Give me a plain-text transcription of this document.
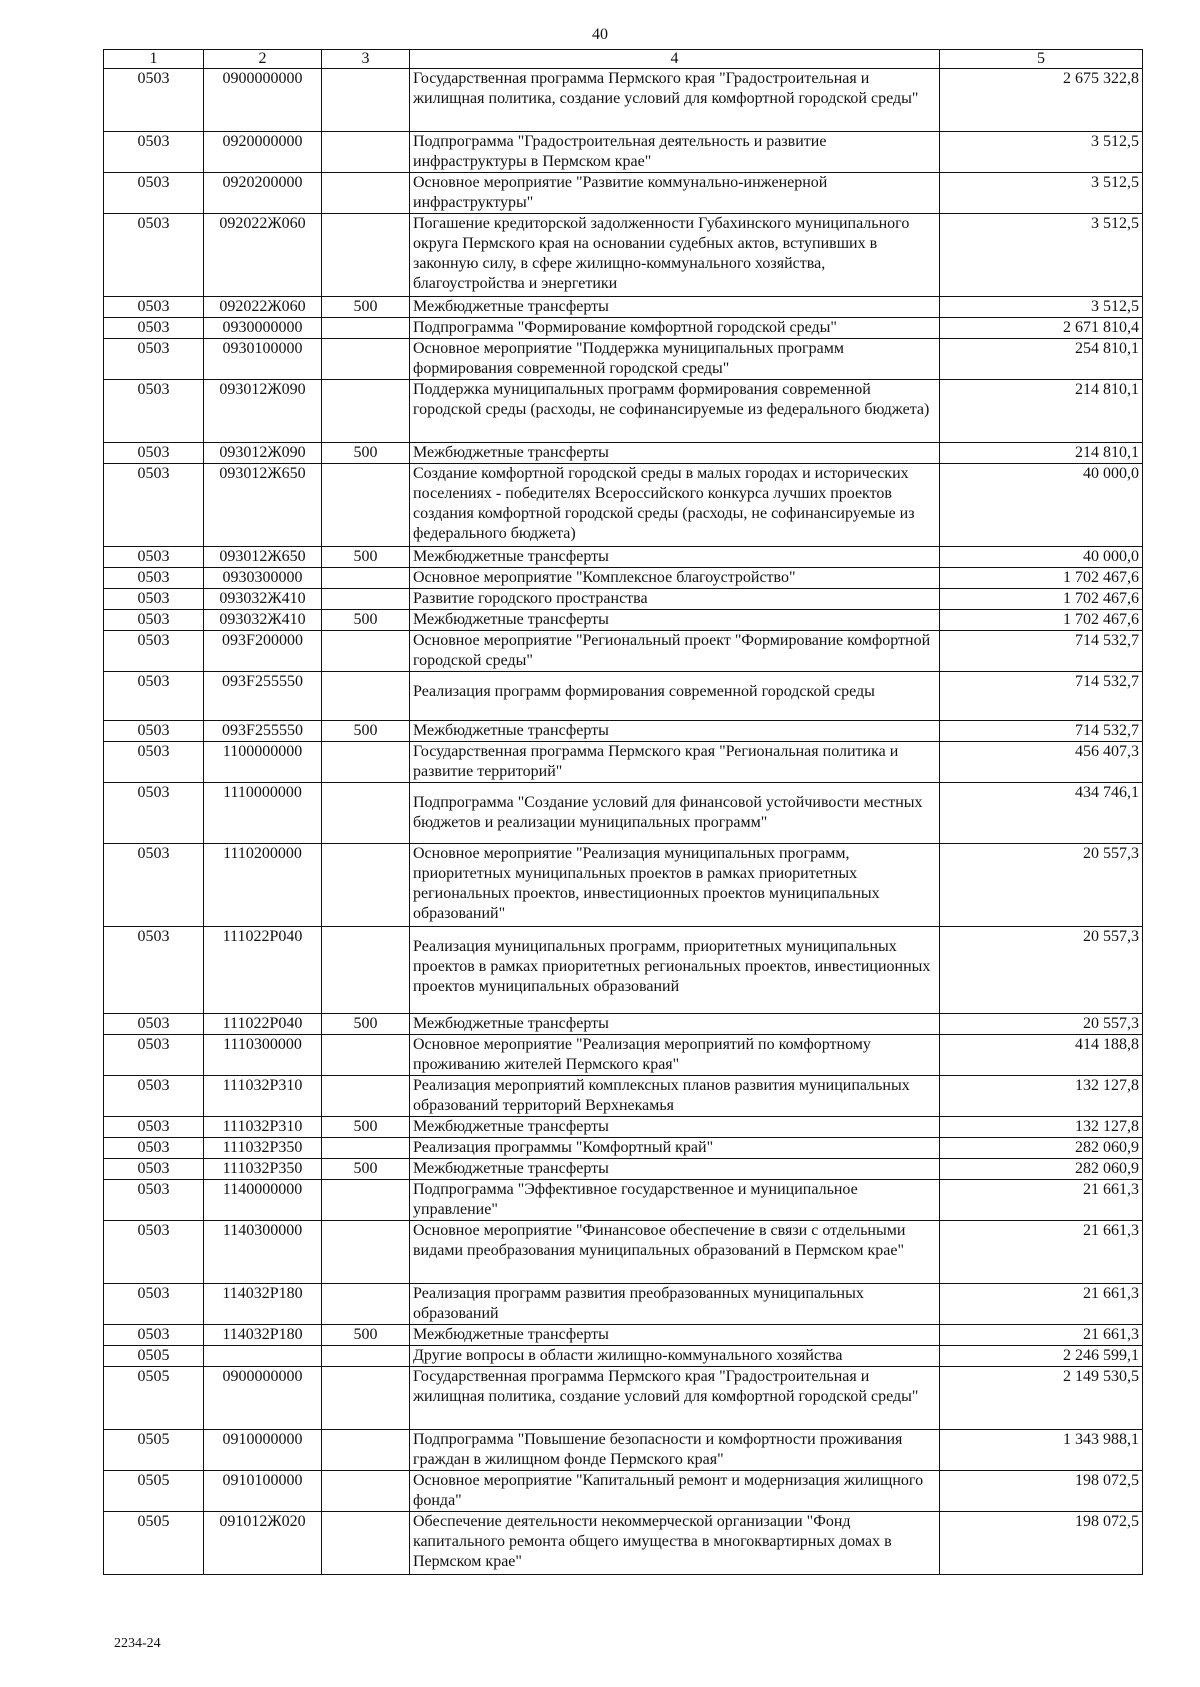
40
1	2	3	4	5
0503	0900000000		Государственная программа Пермского края "Градостроительная и жилищная политика, создание условий для комфортной городской среды"	2 675 322,8
0503	0920000000		Подпрограмма "Градостроительная деятельность и развитие инфраструктуры в Пермском крае"	3 512,5
0503	0920200000		Основное мероприятие "Развитие коммунально-инженерной инфраструктуры"	3 512,5
0503	092022Ж060		Погашение кредиторской задолженности Губахинского муниципального округа Пермского края на основании судебных актов, вступивших в законную силу, в сфере жилищно-коммунального хозяйства, благоустройства и энергетики	3 512,5
0503	092022Ж060	500	Межбюджетные трансферты	3 512,5
0503	0930000000		Подпрограмма "Формирование комфортной городской среды"	2 671 810,4
0503	0930100000		Основное мероприятие "Поддержка муниципальных программ формирования современной городской среды"	254 810,1
0503	093012Ж090		Поддержка муниципальных программ формирования современной городской среды (расходы, не софинансируемые из федерального бюджета)	214 810,1
0503	093012Ж090	500	Межбюджетные трансферты	214 810,1
0503	093012Ж650		Создание комфортной городской среды в малых городах и исторических поселениях - победителях Всероссийского конкурса лучших проектов создания комфортной городской среды (расходы, не софинансируемые из федерального бюджета)	40 000,0
0503	093012Ж650	500	Межбюджетные трансферты	40 000,0
0503	0930300000		Основное мероприятие "Комплексное благоустройство"	1 702 467,6
0503	093032Ж410		Развитие городского пространства	1 702 467,6
0503	093032Ж410	500	Межбюджетные трансферты	1 702 467,6
0503	093F200000		Основное мероприятие "Региональный проект "Формирование комфортной городской среды"	714 532,7
0503	093F255550		Реализация программ формирования современной городской среды	714 532,7
0503	093F255550	500	Межбюджетные трансферты	714 532,7
0503	1100000000		Государственная программа Пермского края "Региональная политика и развитие территорий"	456 407,3
0503	1110000000		Подпрограмма "Создание условий для финансовой устойчивости местных бюджетов и реализации муниципальных программ"	434 746,1
0503	1110200000		Основное мероприятие "Реализация муниципальных программ, приоритетных муниципальных проектов в рамках приоритетных региональных проектов, инвестиционных проектов муниципальных образований"	20 557,3
0503	111022Р040		Реализация муниципальных программ, приоритетных муниципальных проектов в рамках приоритетных региональных проектов, инвестиционных проектов муниципальных образований	20 557,3
0503	111022Р040	500	Межбюджетные трансферты	20 557,3
0503	1110300000		Основное мероприятие "Реализация мероприятий по комфортному проживанию жителей Пермского края"	414 188,8
0503	111032Р310		Реализация мероприятий комплексных планов развития муниципальных образований территорий Верхнекамья	132 127,8
0503	111032Р310	500	Межбюджетные трансферты	132 127,8
0503	111032Р350		Реализация программы "Комфортный край"	282 060,9
0503	111032Р350	500	Межбюджетные трансферты	282 060,9
0503	1140000000		Подпрограмма "Эффективное государственное и муниципальное управление"	21 661,3
0503	1140300000		Основное мероприятие "Финансовое обеспечение в связи с отдельными видами преобразования муниципальных образований в Пермском крае"	21 661,3
0503	114032Р180		Реализация программ развития преобразованных муниципальных образований	21 661,3
0503	114032Р180	500	Межбюджетные трансферты	21 661,3
0505			Другие вопросы в области жилищно-коммунального хозяйства	2 246 599,1
0505	0900000000		Государственная программа Пермского края "Градостроительная и жилищная политика, создание условий для комфортной городской среды"	2 149 530,5
0505	0910000000		Подпрограмма "Повышение безопасности и комфортности проживания граждан в жилищном фонде Пермского края"	1 343 988,1
0505	0910100000		Основное мероприятие "Капитальный ремонт и модернизация жилищного фонда"	198 072,5
0505	091012Ж020		Обеспечение деятельности некоммерческой организации "Фонд капитального ремонта общего имущества в многоквартирных домах в Пермском крае"	198 072,5
2234-24
